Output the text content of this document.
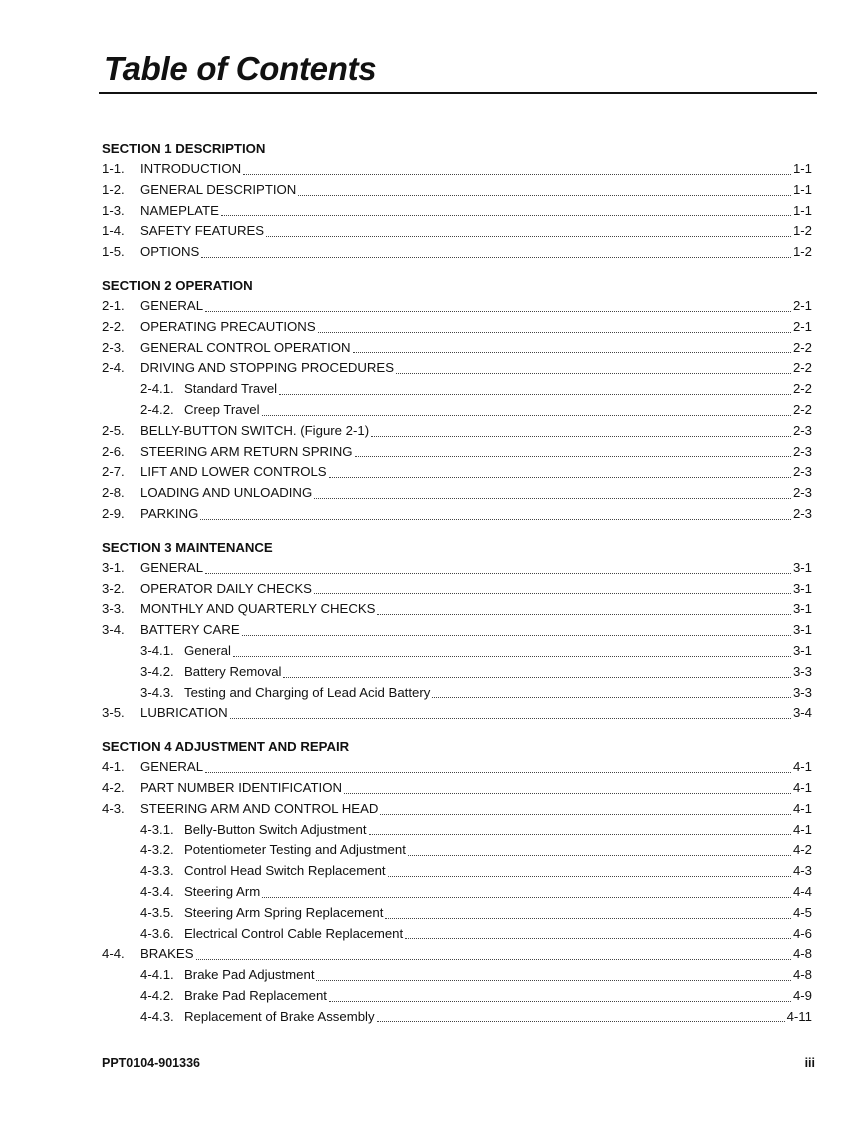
Table of Contents
SECTION 1 DESCRIPTION
1-1.	INTRODUCTION	1-1
1-2.	GENERAL DESCRIPTION	1-1
1-3.	NAMEPLATE	1-1
1-4.	SAFETY FEATURES	1-2
1-5.	OPTIONS	1-2
SECTION 2 OPERATION
2-1.	GENERAL	2-1
2-2.	OPERATING PRECAUTIONS	2-1
2-3.	GENERAL CONTROL OPERATION	2-2
2-4.	DRIVING AND STOPPING PROCEDURES	2-2
2-4.1. Standard Travel	2-2
2-4.2. Creep Travel	2-2
2-5.	BELLY-BUTTON SWITCH. (Figure 2-1)	2-3
2-6.	STEERING ARM RETURN SPRING	2-3
2-7.	LIFT AND LOWER CONTROLS	2-3
2-8.	LOADING AND UNLOADING	2-3
2-9.	PARKING	2-3
SECTION 3 MAINTENANCE
3-1.	GENERAL	3-1
3-2.	OPERATOR DAILY CHECKS	3-1
3-3.	MONTHLY AND QUARTERLY CHECKS	3-1
3-4.	BATTERY CARE	3-1
3-4.1. General	3-1
3-4.2. Battery Removal	3-3
3-4.3. Testing and Charging of Lead Acid Battery	3-3
3-5.	LUBRICATION	3-4
SECTION 4 ADJUSTMENT AND REPAIR
4-1.	GENERAL	4-1
4-2.	PART NUMBER IDENTIFICATION	4-1
4-3.	STEERING ARM AND CONTROL HEAD	4-1
4-3.1. Belly-Button Switch Adjustment	4-1
4-3.2. Potentiometer Testing and Adjustment	4-2
4-3.3. Control Head Switch Replacement	4-3
4-3.4. Steering Arm	4-4
4-3.5. Steering Arm Spring Replacement	4-5
4-3.6. Electrical Control Cable Replacement	4-6
4-4.	BRAKES	4-8
4-4.1. Brake Pad Adjustment	4-8
4-4.2. Brake Pad Replacement	4-9
4-4.3. Replacement of Brake Assembly	4-11
PPT0104-901336	iii
